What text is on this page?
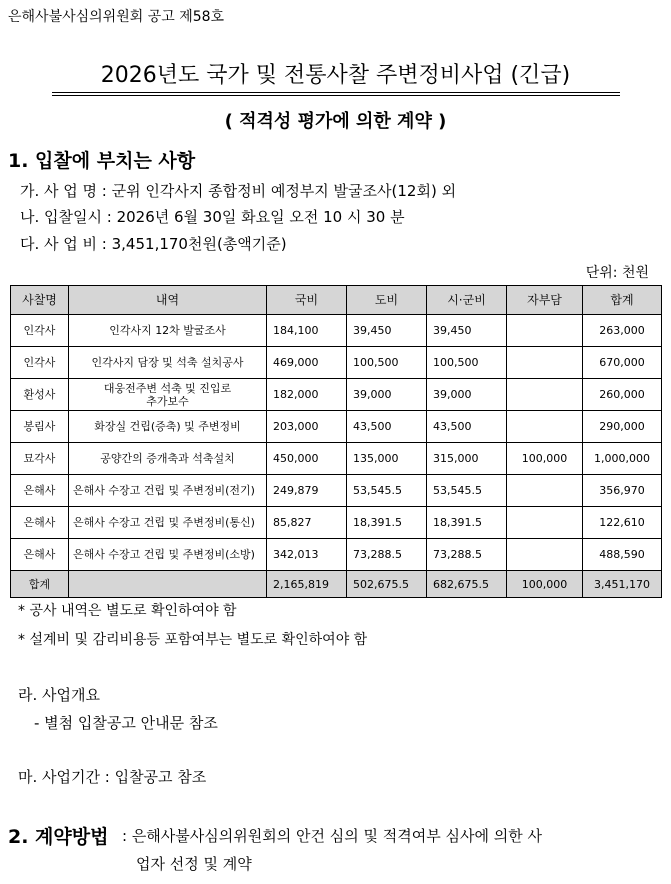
은해사불사심의위원회 공고 제58호
2026년도 국가 및 전통사찰 주변정비사업 (긴급)
( 적격성 평가에 의한 계약 )
1. 입찰에 부치는 사항
가. 사 업 명 : 군위 인각사지 종합정비 예정부지 발굴조사(12회) 외
나. 입찰일시 : 2026년 6월 30일 화요일 오전 10 시 30 분
다. 사 업 비 : 3,451,170천원(총액기준)
단위: 천원
사찰명	내역	국비	도비	시·군비	자부담	합계
인각사	인각사지 12차 발굴조사	184,100	39,450	39,450		263,000
인각사	인각사지 담장 및 석축 설치공사	469,000	100,500	100,500		670,000
환성사	대웅전주변 석축 및 진입로 추가보수	182,000	39,000	39,000		260,000
봉림사	화장실 건립(증축) 및 주변정비	203,000	43,500	43,500		290,000
묘각사	공양간의 증개축과 석축설치	450,000	135,000	315,000	100,000	1,000,000
은해사	은해사 수장고 건립 및 주변정비(전기)	249,879	53,545.5	53,545.5		356,970
은해사	은해사 수장고 건립 및 주변정비(통신)	85,827	18,391.5	18,391.5		122,610
은해사	은해사 수장고 건립 및 주변정비(소방)	342,013	73,288.5	73,288.5		488,590
합계		2,165,819	502,675.5	682,675.5	100,000	3,451,170
* 공사 내역은 별도로 확인하여야 함
* 설계비 및 감리비용등 포함여부는 별도로 확인하여야 함
라. 사업개요
- 별첨 입찰공고 안내문 참조
마. 사업기간 : 입찰공고 참조
2. 계약방법 : 은해사불사심의위원회의 안건 심의 및 적격여부 심사에 의한 사
업자 선정 및 계약
